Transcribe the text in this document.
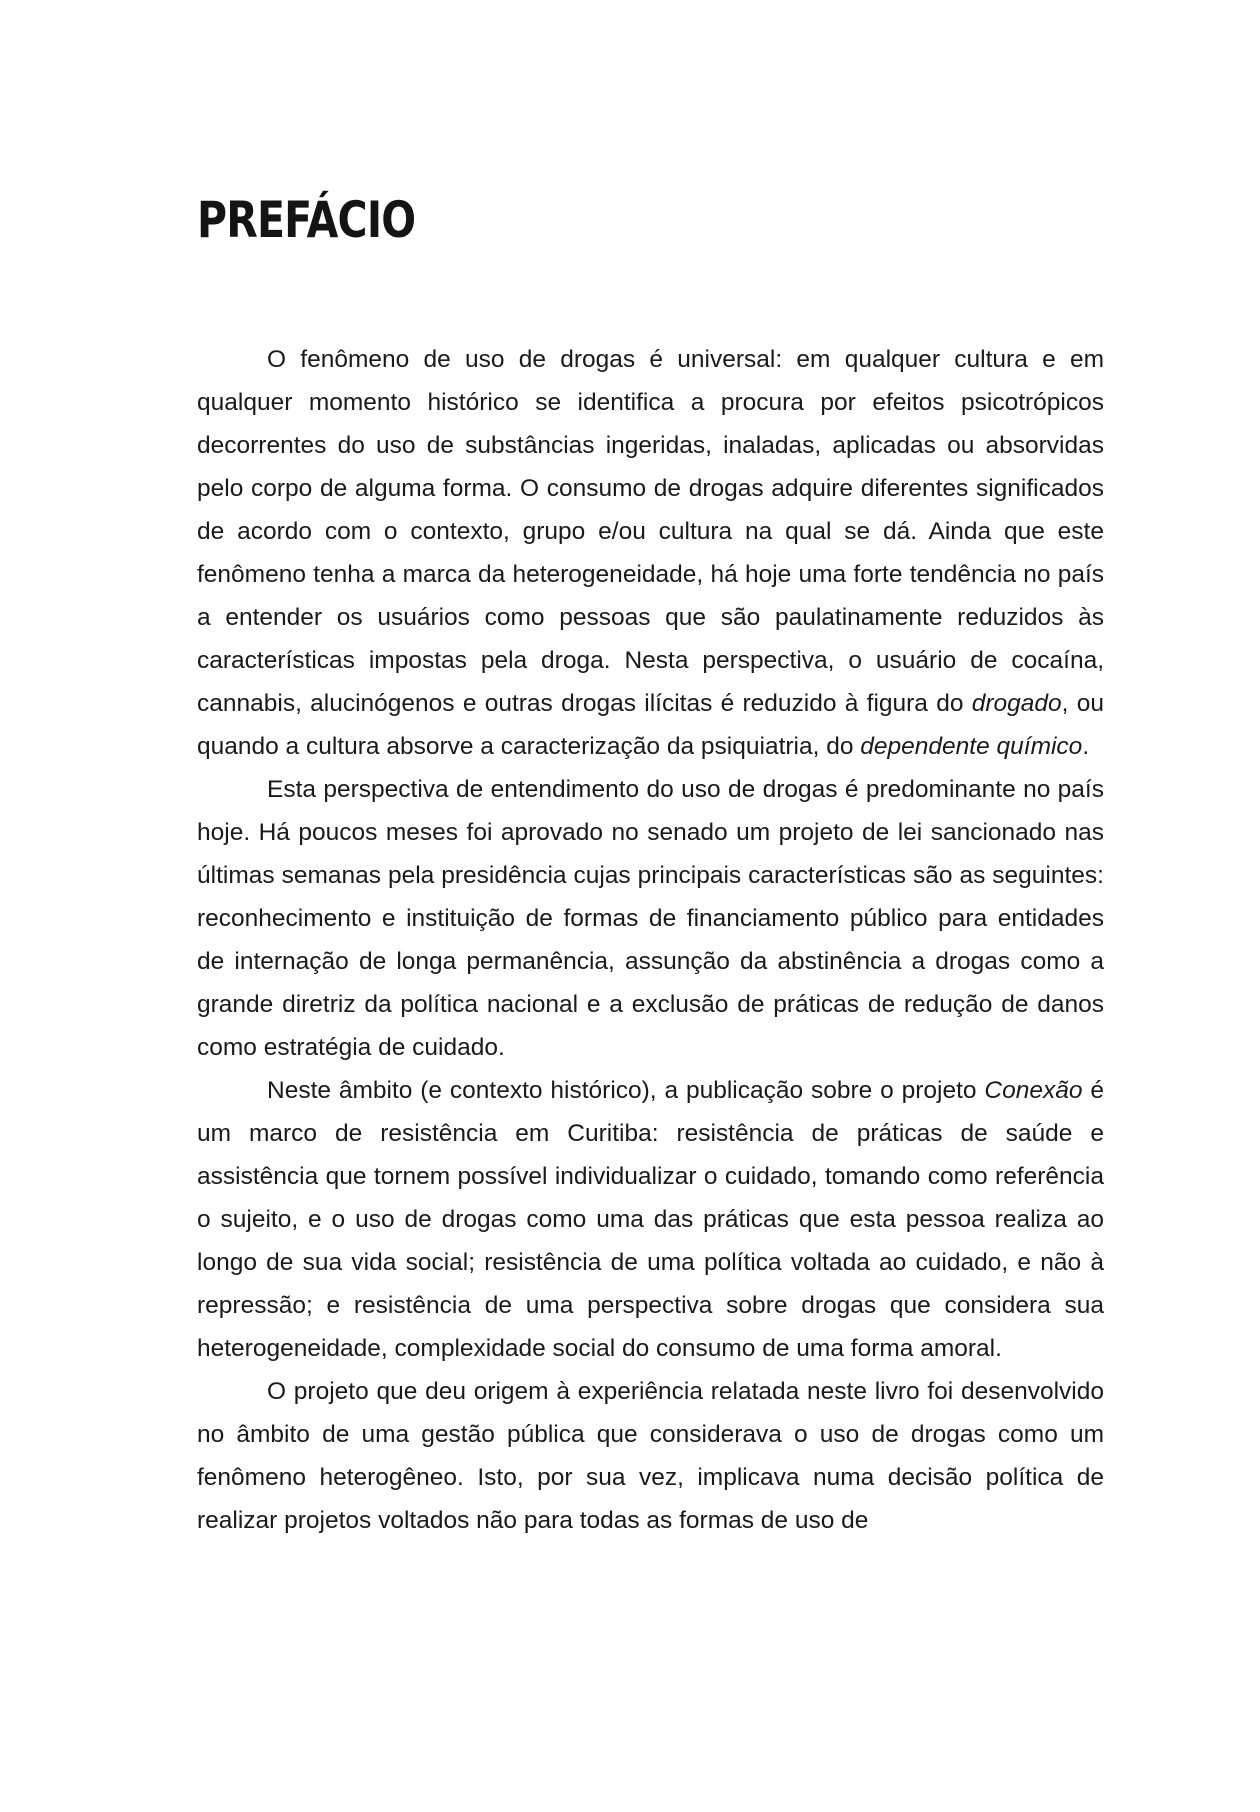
PREFÁCIO

O fenômeno de uso de drogas é universal: em qualquer cultura e em qualquer momento histórico se identifica a procura por efeitos psicotrópicos decorrentes do uso de substâncias ingeridas, inaladas, aplicadas ou absorvidas pelo corpo de alguma forma. O consumo de drogas adquire diferentes significados de acordo com o contexto, grupo e/ou cultura na qual se dá. Ainda que este fenômeno tenha a marca da heterogeneidade, há hoje uma forte tendência no país a entender os usuários como pessoas que são paulatinamente reduzidos às características impostas pela droga. Nesta perspectiva, o usuário de cocaína, cannabis, alucinógenos e outras drogas ilícitas é reduzido à figura do drogado, ou quando a cultura absorve a caracterização da psiquiatria, do dependente químico.

Esta perspectiva de entendimento do uso de drogas é predominante no país hoje. Há poucos meses foi aprovado no senado um projeto de lei sancionado nas últimas semanas pela presidência cujas principais características são as seguintes: reconhecimento e instituição de formas de financiamento público para entidades de internação de longa permanência, assunção da abstinência a drogas como a grande diretriz da política nacional e a exclusão de práticas de redução de danos como estratégia de cuidado.

Neste âmbito (e contexto histórico), a publicação sobre o projeto Conexão é um marco de resistência em Curitiba: resistência de práticas de saúde e assistência que tornem possível individualizar o cuidado, tomando como referência o sujeito, e o uso de drogas como uma das práticas que esta pessoa realiza ao longo de sua vida social; resistência de uma política voltada ao cuidado, e não à repressão; e resistência de uma perspectiva sobre drogas que considera sua heterogeneidade, complexidade social do consumo de uma forma amoral.

O projeto que deu origem à experiência relatada neste livro foi desenvolvido no âmbito de uma gestão pública que considerava o uso de drogas como um fenômeno heterogêneo. Isto, por sua vez, implicava numa decisão política de realizar projetos voltados não para todas as formas de uso de
